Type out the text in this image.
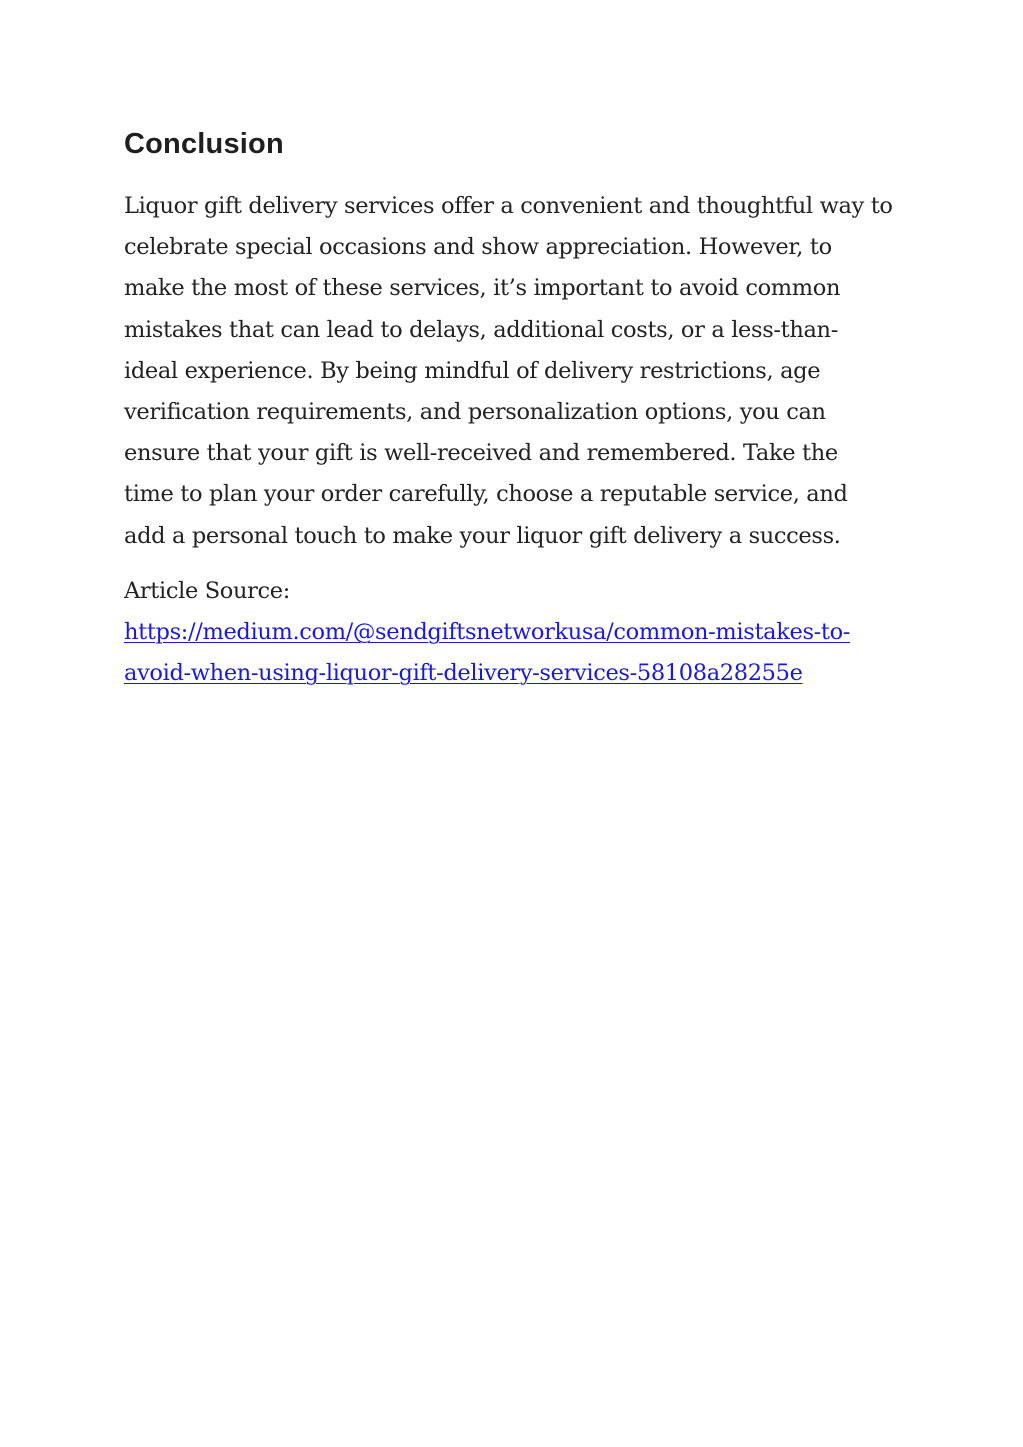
Conclusion

Liquor gift delivery services offer a convenient and thoughtful way to
celebrate special occasions and show appreciation. However, to
make the most of these services, it’s important to avoid common
mistakes that can lead to delays, additional costs, or a less-than-
ideal experience. By being mindful of delivery restrictions, age
verification requirements, and personalization options, you can
ensure that your gift is well-received and remembered. Take the
time to plan your order carefully, choose a reputable service, and
add a personal touch to make your liquor gift delivery a success.

Article Source:
https://medium.com/@sendgiftsnetworkusa/common-mistakes-to-
avoid-when-using-liquor-gift-delivery-services-58108a28255e
